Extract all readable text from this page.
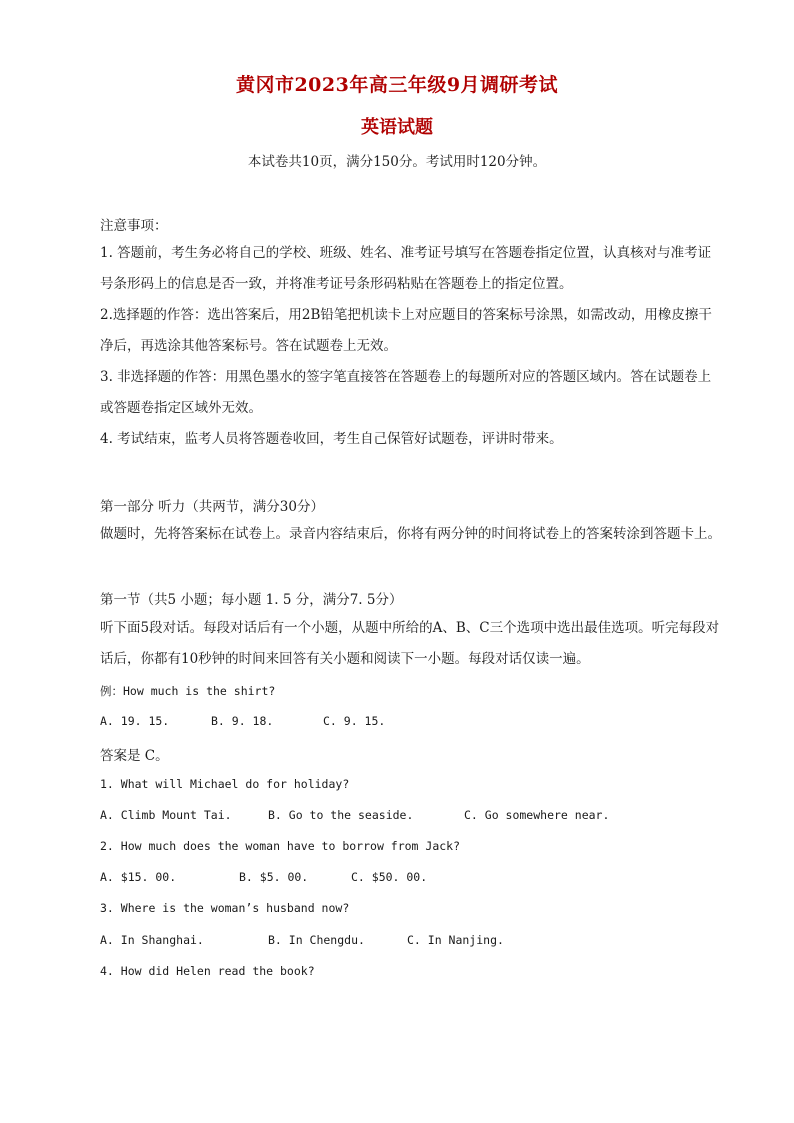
黄冈市2023年高三年级9月调研考试
英语试题
本试卷共10页，满分150分。考试用时120分钟。
注意事项：
1. 答题前，考生务必将自己的学校、班级、姓名、准考证号填写在答题卷指定位置，认真核对与准考证号条形码上的信息是否一致，并将准考证号条形码粘贴在答题卷上的指定位置。
2.选择题的作答：选出答案后，用2B铅笔把机读卡上对应题目的答案标号涂黑，如需改动，用橡皮擦干净后，再选涂其他答案标号。答在试题卷上无效。
3. 非选择题的作答：用黑色墨水的签字笔直接答在答题卷上的每题所对应的答题区域内。答在试题卷上或答题卷指定区域外无效。
4. 考试结束，监考人员将答题卷收回，考生自己保管好试题卷，评讲时带来。
第一部分 听力（共两节，满分30分）
做题时，先将答案标在试卷上。录音内容结束后，你将有两分钟的时间将试卷上的答案转涂到答题卡上。
第一节（共5 小题；每小题 1. 5 分，满分7. 5分）
听下面5段对话。每段对话后有一个小题，从题中所给的A、B、C三个选项中选出最佳选项。听完每段对话后，你都有10秒钟的时间来回答有关小题和阅读下一小题。每段对话仅读一遍。
例：How much is the shirt?
A. 19. 15.	B. 9. 18.	C. 9. 15.
答案是 C。
1. What will Michael do for holiday?
A. Climb Mount Tai.	B. Go to the seaside.	C. Go somewhere near.
2. How much does the woman have to borrow from Jack?
A. $15. 00.	B. $5. 00.	C. $50. 00.
3. Where is the woman’s husband now?
A. In Shanghai.	B. In Chengdu.	C. In Nanjing.
4. How did Helen read the book?
